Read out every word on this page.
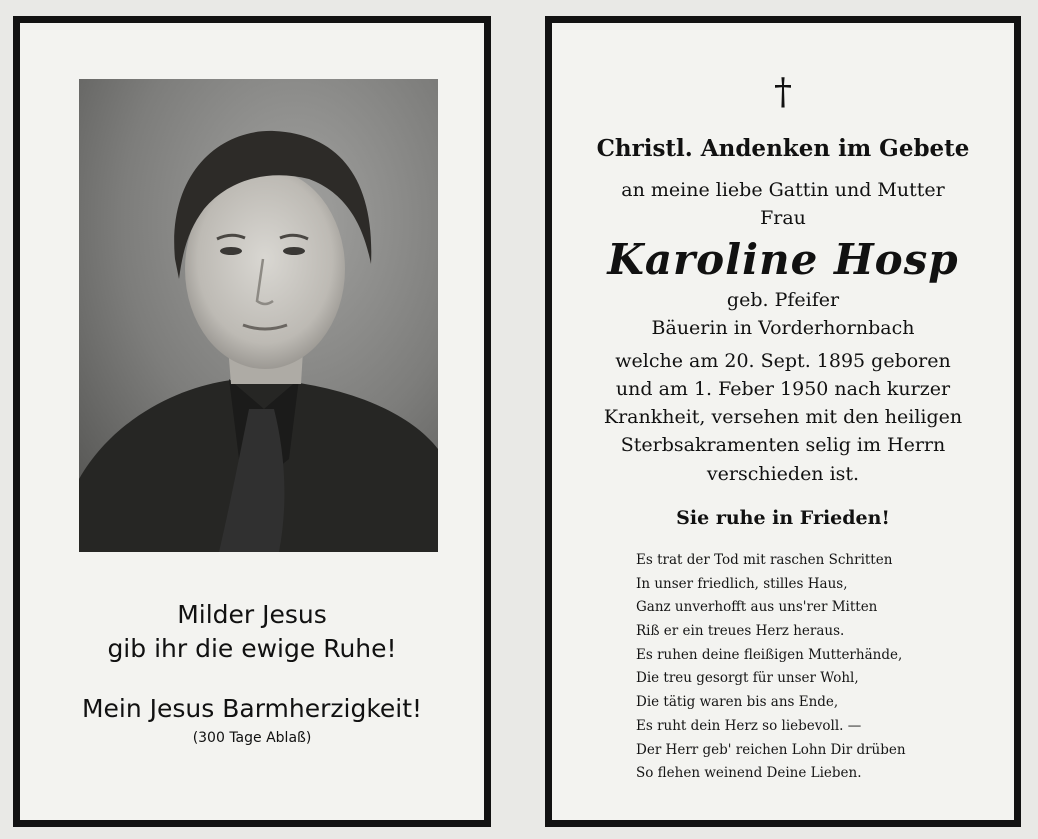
Milder Jesus
gib ihr die ewige Ruhe!
Mein Jesus Barmherzigkeit!
(300 Tage Ablaß)
†
Christl. Andenken im Gebete
an meine liebe Gattin und Mutter
Frau
Karoline Hosp
geb. Pfeifer
Bäuerin in Vorderhornbach
welche am 20. Sept. 1895 geboren
und am 1. Feber 1950 nach kurzer
Krankheit, versehen mit den heiligen
Sterbsakramenten selig im Herrn
verschieden ist.
Sie ruhe in Frieden!
Es trat der Tod mit raschen Schritten
In unser friedlich, stilles Haus,
Ganz unverhofft aus uns'rer Mitten
Riß er ein treues Herz heraus.
Es ruhen deine fleißigen Mutterhände,
Die treu gesorgt für unser Wohl,
Die tätig waren bis ans Ende,
Es ruht dein Herz so liebevoll. —
Der Herr geb' reichen Lohn Dir drüben
So flehen weinend Deine Lieben.
